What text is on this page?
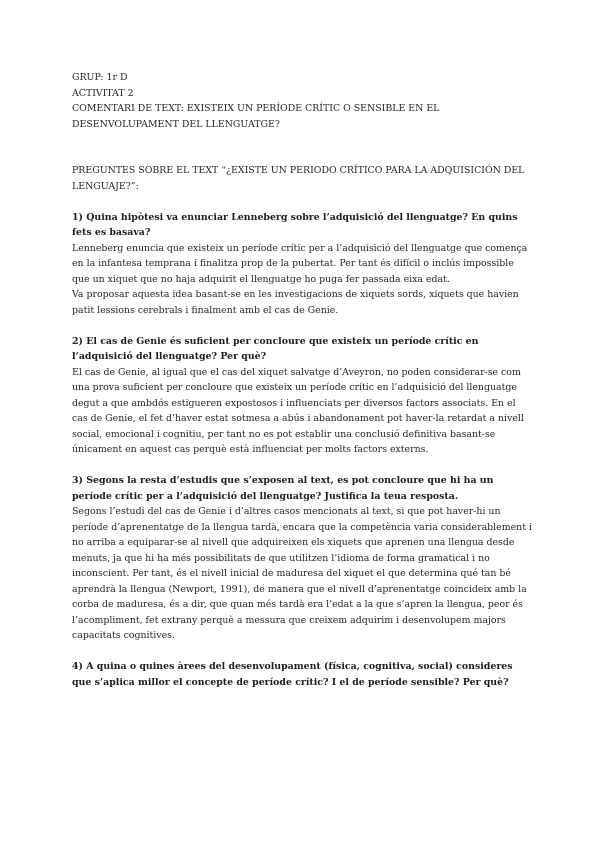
GRUP: 1r D

ACTIVITAT 2

COMENTARI DE TEXT: EXISTEIX UN PERÍODE CRÍTIC O SENSIBLE EN EL DESENVOLUPAMENT DEL LLENGUATGE?

PREGUNTES SOBRE EL TEXT “¿EXISTE UN PERIODO CRÍTICO PARA LA ADQUISICIÓN DEL LENGUAJE?”:

1) Quina hipòtesi va enunciar Lenneberg sobre l’adquisició del llenguatge? En quins fets es basava?

Lenneberg enuncia que existeix un període crític per a l’adquisició del llenguatge que comença en la infantesa temprana i finalitza prop de la pubertat. Per tant és difícil o inclús impossible que un xiquet que no haja adquirit el llenguatge ho puga fer passada eixa edat.

Va proposar aquesta idea basant-se en les investigacions de xiquets sords, xiquets que havien patit lessions cerebrals i finalment amb el cas de Genie.

2) El cas de Genie és suficient per concloure que existeix un període crític en l’adquisició del llenguatge? Per què?

El cas de Genie, al igual que el cas del xiquet salvatge d’Aveyron, no poden considerar-se com una prova suficient per concloure que existeix un període crític en l’adquisició del llenguatge degut a que ambdós estigueren expostosos i influenciats per diversos factors associats. En el cas de Genie, el fet d’haver estat sotmesa a abús i abandonament pot haver-la retardat a nivell social, emocional i cognitiu, per tant no es pot establir una conclusió definitiva basant-se únicament en aquest cas perquè està influenciat per molts factors externs.

3) Segons la resta d’estudis que s’exposen al text, es pot concloure que hi ha un període crític per a l’adquisició del llenguatge? Justifica la teua resposta.

Segons l’estudi del cas de Genie i d’altres casos mencionats al text, si que pot haver-hi un període d’aprenentatge de la llengua tardà, encara que la competència varia considerablement i no arriba a equiparar-se al nivell que adquireixen els xiquets que aprenen una llengua desde menuts, ja que hi ha més possibilitats de que utilitzen l’idioma de forma gramatical i no inconscient. Per tant, és el nivell inicial de maduresa del xiquet el que determina qué tan bé aprendrà la llengua (Newport, 1991), de manera que el nivell d’aprenentatge coincideix amb la corba de maduresa, és a dir, que quan més tardà era l’edat a la que s’apren la llengua, peor és l’acompliment, fet extrany perquè a messura que creixem adquirim i desenvolupem majors capacitats cognitives.

4) A quina o quines àrees del desenvolupament (física, cognitiva, social) consideres que s’aplica millor el concepte de període crític? I el de període sensible? Per què?
